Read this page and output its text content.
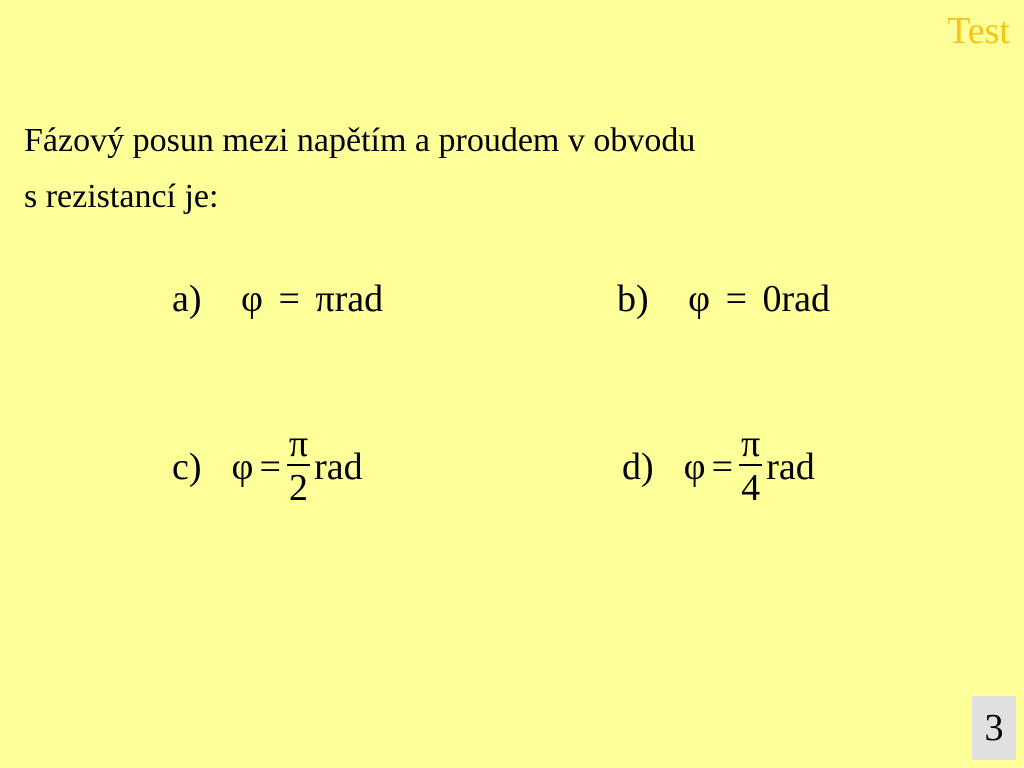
Test
Fázový posun mezi napětím a proudem v obvodu
s rezistancí je:
a) φ = πrad	b) φ = 0rad
c) $\varphi = \frac{\pi}{2}$ rad	d) $\varphi = \frac{\pi}{4}$ rad
3
